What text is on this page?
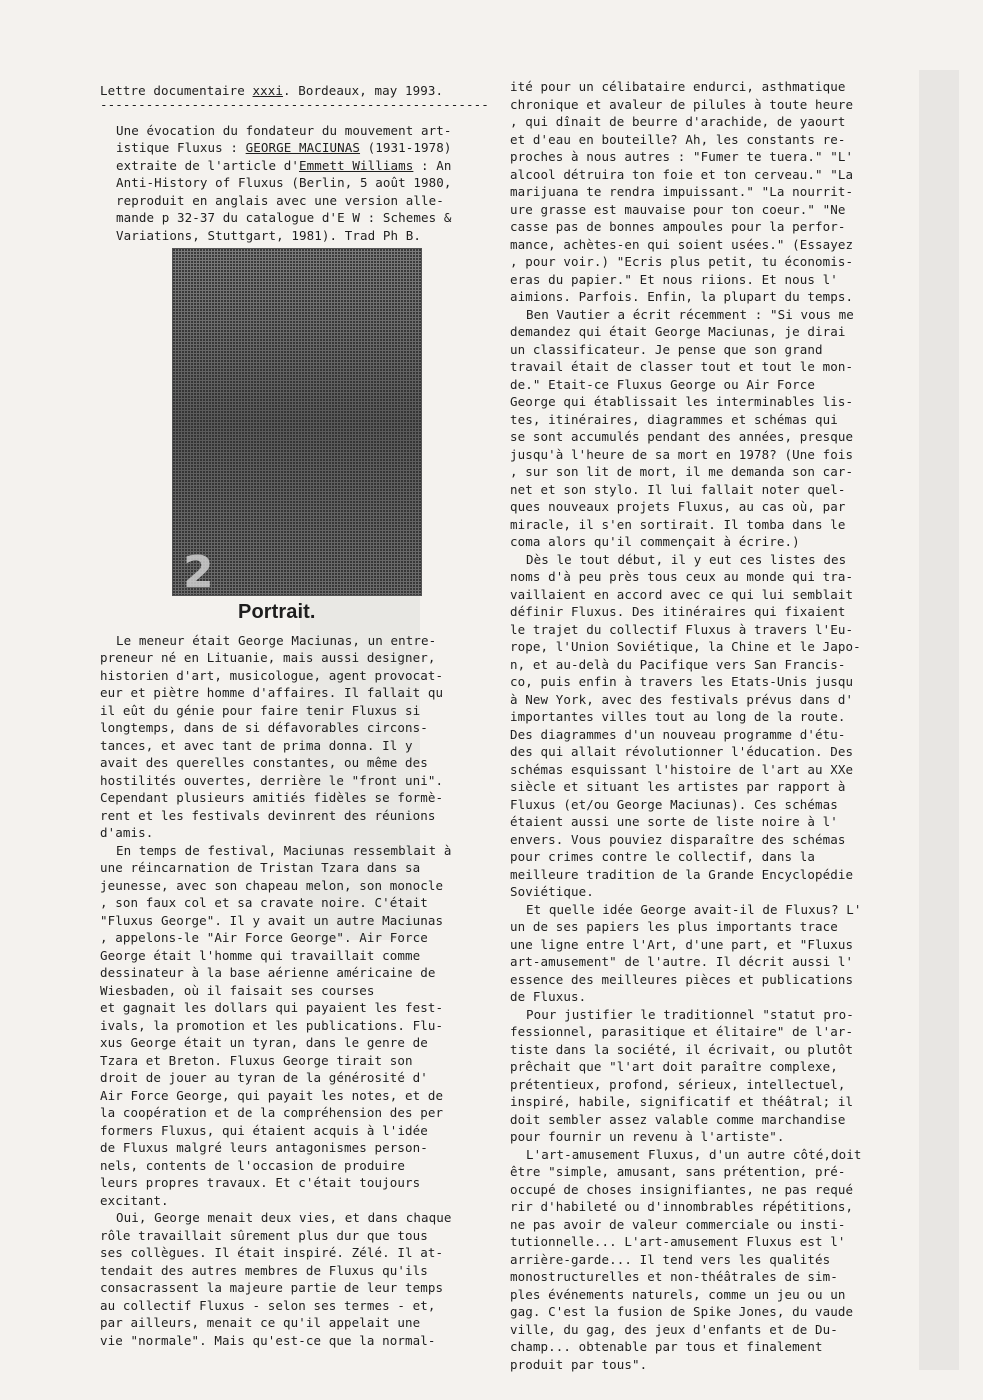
Lettre documentaire xxxi. Bordeaux, may 1993.
---------------------------------------------------
Une évocation du fondateur du mouvement art-
istique Fluxus : GEORGE MACIUNAS (1931-1978)
extraite de l'article d'Emmett Williams : An
Anti-History of Fluxus (Berlin, 5 août 1980,
reproduit en anglais avec une version alle-
mande p 32-37 du catalogue d'E W : Schemes &
Variations, Stuttgart, 1981). Trad Ph B.
2
Portrait.

Le meneur était George Maciunas, un entre-
preneur né en Lituanie, mais aussi designer,
historien d'art, musicologue, agent provocat-
eur et piètre homme d'affaires. Il fallait qu
il eût du génie pour faire tenir Fluxus si
longtemps, dans de si défavorables circons-
tances, et avec tant de prima donna. Il y
avait des querelles constantes, ou même des
hostilités ouvertes, derrière le "front uni".
Cependant plusieurs amitiés fidèles se formè-
rent et les festivals devinrent des réunions
d'amis.

En temps de festival, Maciunas ressemblait à
une réincarnation de Tristan Tzara dans sa
jeunesse, avec son chapeau melon, son monocle
, son faux col et sa cravate noire. C'était
"Fluxus George". Il y avait un autre Maciunas
, appelons-le "Air Force George". Air Force
George était l'homme qui travaillait comme
dessinateur à la base aérienne américaine de
Wiesbaden, où il faisait ses courses
et gagnait les dollars qui payaient les fest-
ivals, la promotion et les publications. Flu-
xus George était un tyran, dans le genre de
Tzara et Breton. Fluxus George tirait son
droit de jouer au tyran de la générosité d'
Air Force George, qui payait les notes, et de
la coopération et de la compréhension des per
formers Fluxus, qui étaient acquis à l'idée
de Fluxus malgré leurs antagonismes person-
nels, contents de l'occasion de produire
leurs propres travaux. Et c'était toujours
excitant.

Oui, George menait deux vies, et dans chaque
rôle travaillait sûrement plus dur que tous
ses collègues. Il était inspiré. Zélé. Il at-
tendait des autres membres de Fluxus qu'ils
consacrassent la majeure partie de leur temps
au collectif Fluxus - selon ses termes - et,
par ailleurs, menait ce qu'il appelait une
vie "normale". Mais qu'est-ce que la normal-

ité pour un célibataire endurci, asthmatique
chronique et avaleur de pilules à toute heure
, qui dînait de beurre d'arachide, de yaourt
et d'eau en bouteille? Ah, les constants re-
proches à nous autres : "Fumer te tuera." "L'
alcool détruira ton foie et ton cerveau." "La
marijuana te rendra impuissant." "La nourrit-
ure grasse est mauvaise pour ton coeur." "Ne
casse pas de bonnes ampoules pour la perfor-
mance, achètes-en qui soient usées." (Essayez
, pour voir.) "Ecris plus petit, tu économis-
eras du papier." Et nous riions. Et nous l'
aimions. Parfois. Enfin, la plupart du temps.

Ben Vautier a écrit récemment : "Si vous me
demandez qui était George Maciunas, je dirai
un classificateur. Je pense que son grand
travail était de classer tout et tout le mon-
de." Etait-ce Fluxus George ou Air Force
George qui établissait les interminables lis-
tes, itinéraires, diagrammes et schémas qui
se sont accumulés pendant des années, presque
jusqu'à l'heure de sa mort en 1978? (Une fois
, sur son lit de mort, il me demanda son car-
net et son stylo. Il lui fallait noter quel-
ques nouveaux projets Fluxus, au cas où, par
miracle, il s'en sortirait. Il tomba dans le
coma alors qu'il commençait à écrire.)

Dès le tout début, il y eut ces listes des
noms d'à peu près tous ceux au monde qui tra-
vaillaient en accord avec ce qui lui semblait
définir Fluxus. Des itinéraires qui fixaient
le trajet du collectif Fluxus à travers l'Eu-
rope, l'Union Soviétique, la Chine et le Japo-
n, et au-delà du Pacifique vers San Francis-
co, puis enfin à travers les Etats-Unis jusqu
à New York, avec des festivals prévus dans d'
importantes villes tout au long de la route.
Des diagrammes d'un nouveau programme d'étu-
des qui allait révolutionner l'éducation. Des
schémas esquissant l'histoire de l'art au XXe
siècle et situant les artistes par rapport à
Fluxus (et/ou George Maciunas). Ces schémas
étaient aussi une sorte de liste noire à l'
envers. Vous pouviez disparaître des schémas
pour crimes contre le collectif, dans la
meilleure tradition de la Grande Encyclopédie
Soviétique.

Et quelle idée George avait-il de Fluxus? L'
un de ses papiers les plus importants trace
une ligne entre l'Art, d'une part, et "Fluxus
art-amusement" de l'autre. Il décrit aussi l'
essence des meilleures pièces et publications
de Fluxus.

Pour justifier le traditionnel "statut pro-
fessionnel, parasitique et élitaire" de l'ar-
tiste dans la société, il écrivait, ou plutôt
prêchait que "l'art doit paraître complexe,
prétentieux, profond, sérieux, intellectuel,
inspiré, habile, significatif et théâtral; il
doit sembler assez valable comme marchandise
pour fournir un revenu à l'artiste".

L'art-amusement Fluxus, d'un autre côté,doit
être "simple, amusant, sans prétention, pré-
occupé de choses insignifiantes, ne pas requé
rir d'habileté ou d'innombrables répétitions,
ne pas avoir de valeur commerciale ou insti-
tutionnelle... L'art-amusement Fluxus est l'
arrière-garde... Il tend vers les qualités
monostructurelles et non-théâtrales de sim-
ples événements naturels, comme un jeu ou un
gag. C'est la fusion de Spike Jones, du vaude
ville, du gag, des jeux d'enfants et de Du-
champ... obtenable par tous et finalement
produit par tous".
